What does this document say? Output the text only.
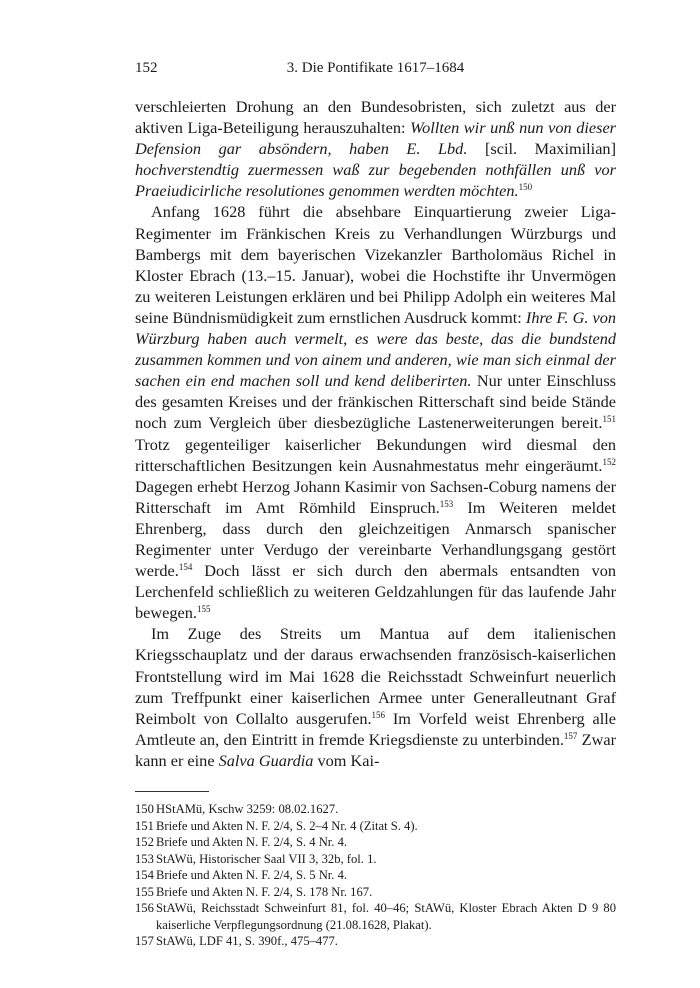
152	3. Die Pontifikate 1617–1684

verschleierten Drohung an den Bundesobristen, sich zuletzt aus der aktiven Liga-Beteiligung herauszuhalten: Wollten wir unß nun von dieser Defension gar absöndern, haben E. Lbd. [scil. Maximilian] hochverstendtig zuermessen waß zur begebenden nothfällen unß vor Praeiudicirliche resolutiones genommen werdten möchten.$^{150}$

Anfang 1628 führt die absehbare Einquartierung zweier Liga-Regimenter im Fränkischen Kreis zu Verhandlungen Würzburgs und Bambergs mit dem bayerischen Vizekanzler Bartholomäus Richel in Kloster Ebrach (13.–15. Januar), wobei die Hochstifte ihr Unvermögen zu weiteren Leistungen erklären und bei Philipp Adolph ein weiteres Mal seine Bündnismüdigkeit zum ernstlichen Ausdruck kommt: Ihre F. G. von Würzburg haben auch vermelt, es were das beste, das die bundstend zusammen kommen und von ainem und anderen, wie man sich einmal der sachen ein end machen soll und kend deliberirten. Nur unter Einschluss des gesamten Kreises und der fränkischen Ritterschaft sind beide Stände noch zum Vergleich über diesbezügliche Lastenerweiterungen bereit.$^{151}$ Trotz gegenteiliger kaiserlicher Bekundungen wird diesmal den ritterschaftlichen Besitzungen kein Ausnahmestatus mehr eingeräumt.$^{152}$ Dagegen erhebt Herzog Johann Kasimir von Sachsen-Coburg namens der Ritterschaft im Amt Römhild Einspruch.$^{153}$ Im Weiteren meldet Ehrenberg, dass durch den gleichzeitigen Anmarsch spanischer Regimenter unter Verdugo der vereinbarte Verhandlungsgang gestört werde.$^{154}$ Doch lässt er sich durch den abermals entsandten von Lerchenfeld schließlich zu weiteren Geldzahlungen für das laufende Jahr bewegen.$^{155}$

Im Zuge des Streits um Mantua auf dem italienischen Kriegsschauplatz und der daraus erwachsenden französisch-kaiserlichen Frontstellung wird im Mai 1628 die Reichsstadt Schweinfurt neuerlich zum Treffpunkt einer kaiserlichen Armee unter Generalleutnant Graf Reimbolt von Collalto ausgerufen.$^{156}$ Im Vorfeld weist Ehrenberg alle Amtleute an, den Eintritt in fremde Kriegsdienste zu unterbinden.$^{157}$ Zwar kann er eine Salva Guardia vom Kai-

150 HStAMü, Kschw 3259: 08.02.1627.
151 Briefe und Akten N. F. 2/4, S. 2–4 Nr. 4 (Zitat S. 4).
152 Briefe und Akten N. F. 2/4, S. 4 Nr. 4.
153 StAWü, Historischer Saal VII 3, 32b, fol. 1.
154 Briefe und Akten N. F. 2/4, S. 5 Nr. 4.
155 Briefe und Akten N. F. 2/4, S. 178 Nr. 167.
156 StAWü, Reichsstadt Schweinfurt 81, fol. 40–46; StAWü, Kloster Ebrach Akten D 9 80 kaiserliche Verpflegungsordnung (21.08.1628, Plakat).
157 StAWü, LDF 41, S. 390f., 475–477.
